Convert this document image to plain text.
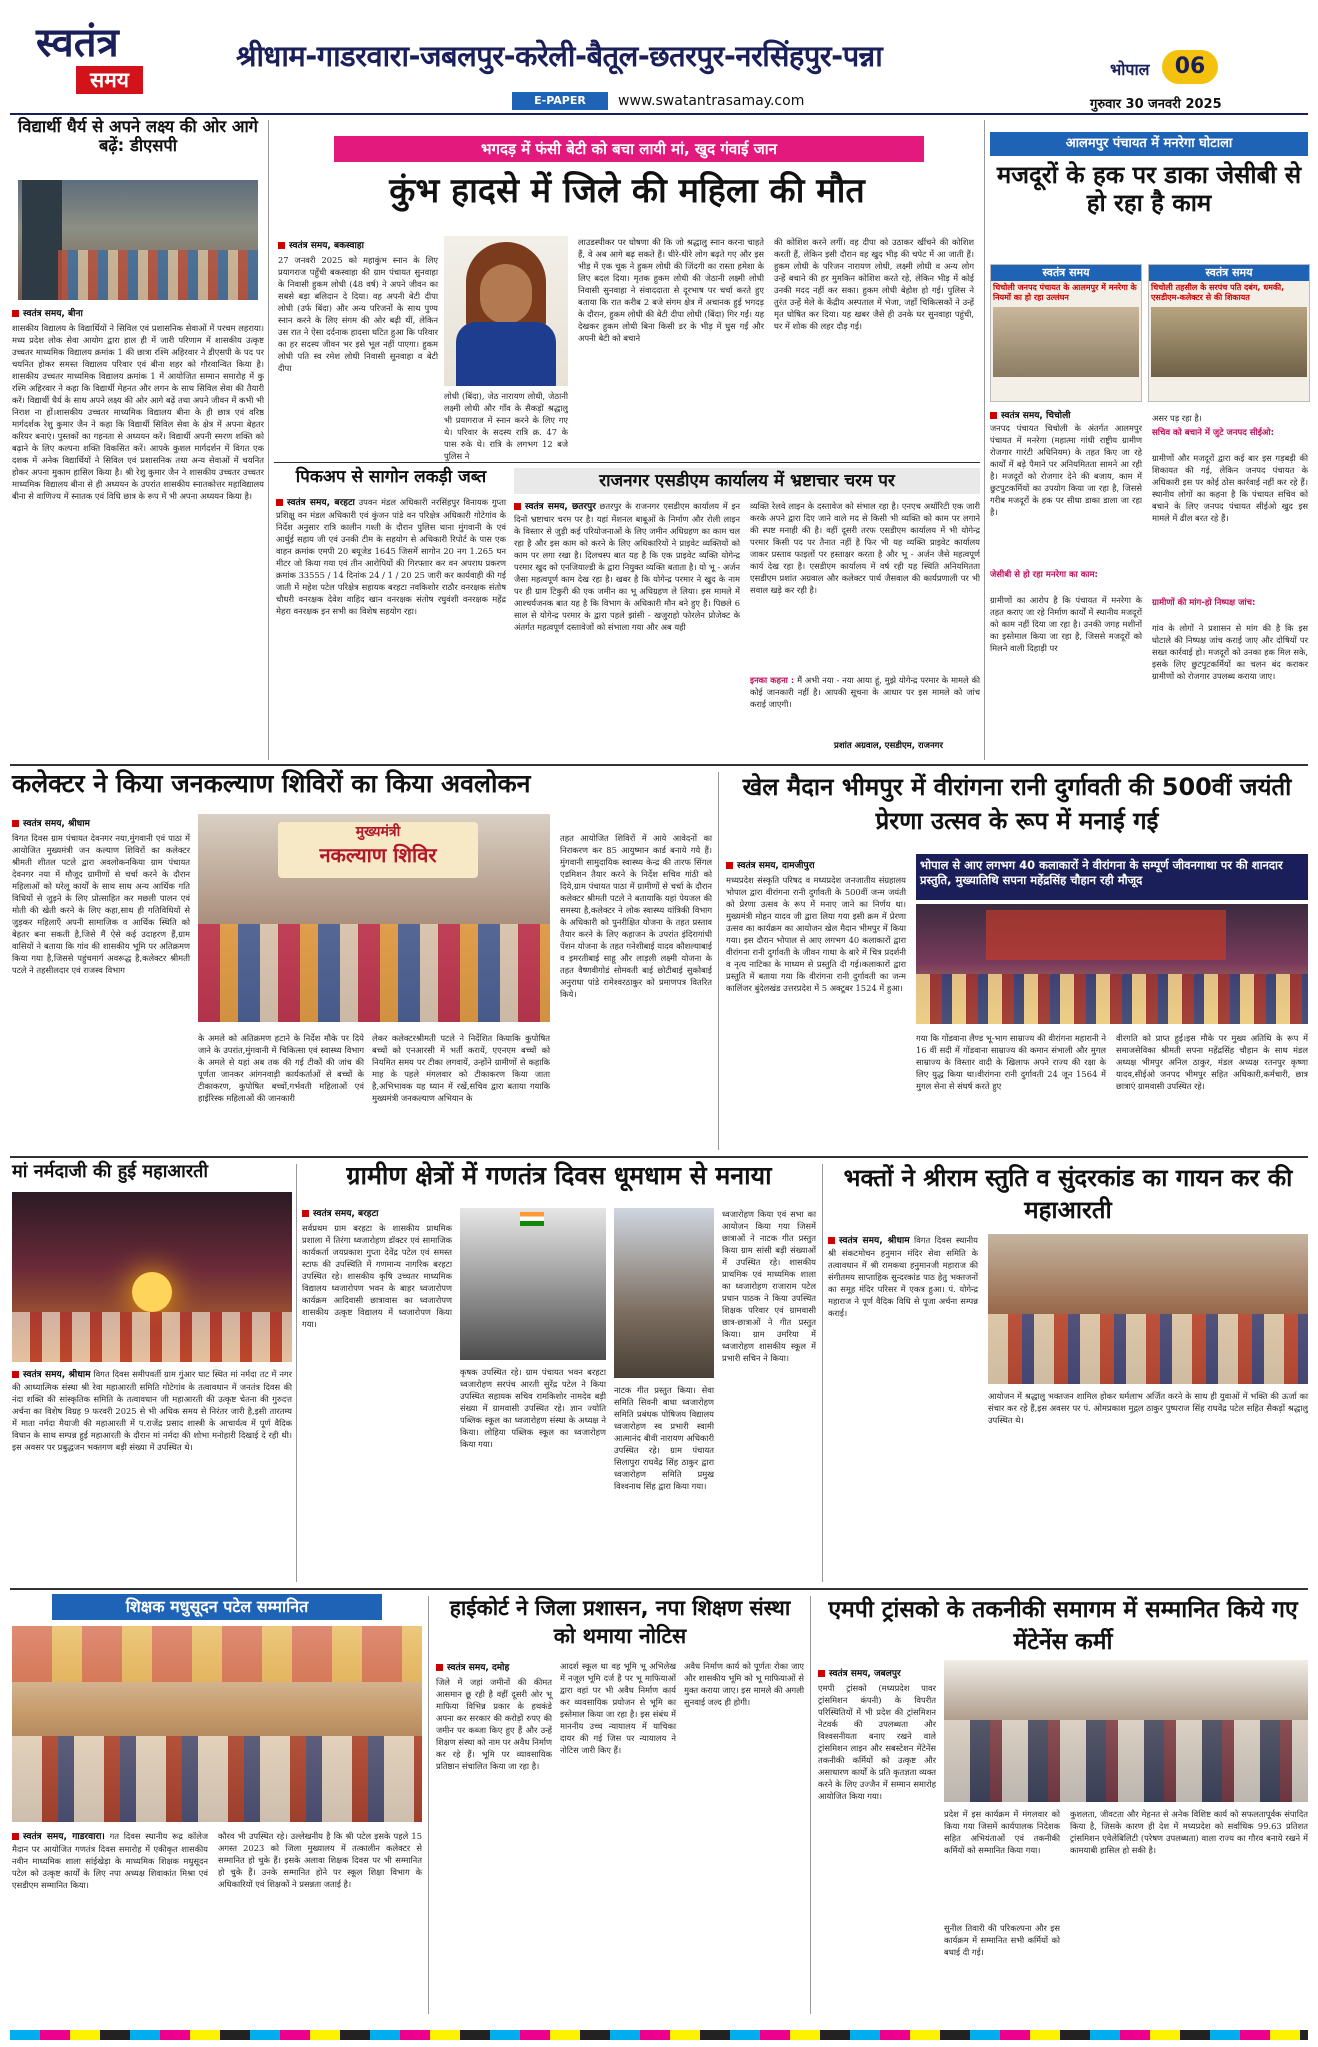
स्वतंत्र
समय
श्रीधाम-गाडरवारा-जबलपुर-करेली-बैतूल-छतरपुर-नरसिंहपुर-पन्ना	भोपाल	06
E-PAPER	www.swatantrasamay.com	गुरुवार 30 जनवरी 2025
विद्यार्थी धैर्य से अपने लक्ष्य की ओर आगे बढ़ें: डीएसपी
स्वतंत्र समय, बीना
शासकीय विद्यालय के विद्यार्थियों ने सिविल एवं प्रशासनिक सेवाओं में परचम लहराया। मध्य प्रदेश लोक सेवा आयोग द्वारा हाल ही में जारी परिणाम में शासकीय उत्कृष्ट उच्चतर माध्यमिक विद्यालय क्रमांक 1 की छात्रा रश्मि अहिरवार ने डीएसपी के पद पर चयनित होकर समस्त विद्यालय परिवार एवं बीना शहर को गौरवान्वित किया है। शासकीय उच्चतर माध्यमिक विद्यालय क्रमांक 1 में आयोजित सम्मान समारोह में कु रश्मि अहिरवार ने कहा कि विद्यार्थी मेहनत और लगन के साथ सिविल सेवा की तैयारी करें। विद्यार्थी धैर्य के साथ अपने लक्ष्य की ओर आगे बढ़ें तथा अपने जीवन में कभी भी निराश ना हों।शासकीय उच्चतर माध्यमिक विद्यालय बीना के ही छात्र एवं वरिष्ठ मार्गदर्शक रेशु कुमार जैन ने कहा कि विद्यार्थी सिविल सेवा के क्षेत्र में अपना बेहतर करियर बनाएं। पुस्तकों का गहनता से अध्ययन करें। विद्यार्थी अपनी स्मरण शक्ति को बढ़ाने के लिए कल्पना शक्ति विकसित करें। आपके कुशल मार्गदर्शन में विगत एक दशक में अनेक विद्यार्थियों ने सिविल एवं प्रशासनिक तथा अन्य सेवाओं में चयनित होकर अपना मुकाम हासिल किया है। श्री रेशु कुमार जैन ने शासकीय उच्चतर उच्चतर माध्यमिक विद्यालय बीना से ही अध्ययन के उपरांत शासकीय स्नातकोत्तर महाविद्यालय बीना से वाणिज्य में स्नातक एवं विधि छात्र के रूप में भी अपना अध्ययन किया है।
भगदड़ में फंसी बेटी को बचा लायी मां, खुद गंवाई जान
कुंभ हादसे में जिले की महिला की मौत
स्वतंत्र समय, बकस्वाहा
27 जनवरी 2025 को महाकुंभ स्नान के लिए प्रयागराज पहुँची बकस्वाहा की ग्राम पंचायत सुनवाहा के निवासी हुकम लोधी (48 वर्ष) ने अपने जीवन का सबसे बड़ा बलिदान दे दिया। वह अपनी बेटी दीपा लोधी (उर्फ बिंदा) और अन्य परिजनों के साथ पुण्य स्नान करने के लिए संगम की ओर बढ़ी थीं, लेकिन उस रात ने ऐसा दर्दनाक हादसा घटित हुआ कि परिवार का हर सदस्य जीवन भर इसे भूल नहीं पाएगा। हुकम लोधी पति स्व रमेश लोधी निवासी सुनवाहा व बेटी दीपा
लोधी (बिंदा), जेठ नारायण लोधी, जेठानी लक्ष्मी लोधी और गाँव के सैकड़ों श्रद्धालु भी प्रयागराज में स्नान करने के लिए गए थे। परिवार के सदस्य रात्रि क्र. 47 के पास रुके थे। रात्रि के लगभग 12 बजे पुलिस ने
लाउडस्पीकर पर घोषणा की कि जो श्रद्धालु स्नान करना चाहते हैं, वे अब आगे बढ़ सकते हैं। धीरे-धीरे लोग बढ़ते गए और इस भीड़ में एक चूक ने हुकम लोधी की जिंदगी का रास्ता हमेशा के लिए बदल दिया। मृतक हुकम लोधी की जेठानी लक्ष्मी लोधी निवासी सुनवाहा ने संवाददाता से दूरभाष पर चर्चा करते हुए बताया कि रात करीब 2 बजे संगम क्षेत्र में अचानक हुई भगदड़ के दौरान, हुकम लोधी की बेटी दीपा लोधी (बिंदा) गिर गईं। यह देखकर हुकम लोधी बिना किसी डर के भीड़ में घुस गईं और अपनी बेटी को बचाने
की कोशिश करने लगीं। वह दीपा को उठाकर खींचने की कोशिश करती हैं, लेकिन इसी दौरान वह खुद भीड़ की चपेट में आ जाती हैं। हुकम लोधी के परिजन नारायण लोधी, लक्ष्मी लोधी व अन्य लोग उन्हें बचाने की हर मुमकिन कोशिश करते रहे, लेकिन भीड़ में कोई उनकी मदद नहीं कर सका। हुकम लोधी बेहोश हो गई। पुलिस ने तुरंत उन्हें मेले के केंद्रीय अस्पताल में भेजा, जहाँ चिकित्सकों ने उन्हें मृत घोषित कर दिया। यह खबर जैसे ही उनके घर सुनवाहा पहुंची, घर में शोक की लहर दौड़ गई।
आलमपुर पंचायत में मनरेगा घोटाला
मजदूरों के हक पर डाका जेसीबी से हो रहा है काम
स्वतंत्र समय
चिचोली जनपद पंचायत के आलमपुर में मनरेगा के नियमों का हो रहा उल्लंघन
स्वतंत्र समय
चिचोली तहसील के सरपंच पति दबंग, धमकी, एसडीएम-कलेक्टर से की शिकायत
स्वतंत्र समय, चिचोली
जनपद पंचायत चिचोली के अंतर्गत आलमपुर पंचायत में मनरेगा (महात्मा गांधी राष्ट्रीय ग्रामीण रोजगार गारंटी अधिनियम) के तहत किए जा रहे कार्यों में बड़े पैमाने पर अनियमितता सामने आ रही है। मजदूरों को रोजगार देने की बजाय, काम में छुटपुटकर्मियों का उपयोग किया जा रहा है, जिससे गरीब मजदूरों के हक पर सीधा डाका डाला जा रहा है।
जेसीबी से हो रहा मनरेगा का काम:
ग्रामीणों का आरोप है कि पंचायत में मनरेगा के तहत कराए जा रहे निर्माण कार्यों में स्थानीय मजदूरों को काम नहीं दिया जा रहा है। उनकी जगह मशीनों का इस्तेमाल किया जा रहा है, जिससे मजदूरों को मिलने वाली दिहाड़ी पर
असर पड़ रहा है।
सचिव को बचाने में जुटे जनपद सीईओ:
ग्रामीणों और मजदूरों द्वारा कई बार इस गड़बड़ी की शिकायत की गई, लेकिन जनपद पंचायत के अधिकारी इस पर कोई ठोस कार्रवाई नहीं कर रहे हैं। स्थानीय लोगों का कहना है कि पंचायत सचिव को बचाने के लिए जनपद पंचायत सीईओ खुद इस मामले में ढील बरत रहे हैं।
ग्रामीणों की मांग-हो निष्पक्ष जांच:
गांव के लोगों ने प्रशासन से मांग की है कि इस घोटाले की निष्पक्ष जांच कराई जाए और दोषियों पर सख्त कार्रवाई हो। मजदूरों को उनका हक मिल सके, इसके लिए छुटपुटकर्मियों का चलन बंद कराकर ग्रामीणों को रोजगार उपलब्ध कराया जाए।
पिकअप से सागोन लकड़ी जब्त
स्वतंत्र समय, बरहटा उपवन मंडल अधिकारी नरसिंहपुर विनायक गुप्ता प्रशिक्षु वन मंडल अधिकारी एवं कुंजन पांडे वन परिक्षेत्र अधिकारी गोटेगांव के निर्देश अनुसार रात्रि कालीन गश्ती के दौरान पुलिस थाना मुंगवानी के एवं आर्थुई सहाय जी एवं उनकी टीम के सहयोग से अधिकारी रिपोर्ट के पास एक वाहन क्रमांक एमपी 20 बयूजेड 1645 जिसमें सागोन 20 नग 1.265 घन मीटर जो किया गया एवं तीन आरोपियों की गिरफ्तार कर वन अपराध प्रकरण क्रमांक 33555 / 14 दिनांक 24 / 1 / 20 25 जारी कर कार्यवाही की गई जाती में महेश पटेल परिक्षेत्र सहायक बरहटा नवकिशोर राठौर वनरक्षक संतोष चौधरी वनरक्षक देवेश वाहिद खान वनरक्षक संतोष रघुवंशी वनरक्षक महेंद्र मेहरा वनरक्षक इन सभी का विशेष सहयोग रहा।
राजनगर एसडीएम कार्यालय में भ्रष्टाचार चरम पर
स्वतंत्र समय, छतरपुर छतरपुर के राजनगर एसडीएम कार्यालय में इन दिनों भ्रष्टाचार चरम पर है। यहां मेंशनल बाबूओं के निर्माण और रोली लाइन के विस्तार से जुड़ी कई परियोजनाओं के लिए जमीन अधिग्रहण का काम चल रहा है और इस काम को करने के लिए अधिकारियों ने प्राइवेट व्यक्तियों को काम पर लगा रखा है। दिलचस्प बात यह है कि एक प्राइवेट व्यक्ति योगेन्द्र परमार खुद को एनजियाल्डी के द्वारा नियुक्त व्यक्ति बताता है। यो भू - अर्जन जैसा महत्वपूर्ण काम देख रहा है। खबर है कि योगेन्द्र परमार ने खुद के नाम पर ही ग्राम टिकुरी की एक जमीन का भू अधिग्रहण ले लिया। इस मामले में आश्चर्यजनक बात यह है कि विभाग के अधिकारी मौन बने हुए हैं। पिछले 6 साल से योगेन्द्र परमार के द्वारा पहले झांसी - खजुराहो फोरलेन प्रोजेक्ट के अंतर्गत महत्वपूर्ण दस्तावेजों को संभाला गया और अब यही
व्यक्ति रेलवे लाइन के दस्तावेज को संभाल रहा है। एनएच अथॉरिटी एक जारी करके अपने द्वारा दिए जाने वाले मद से किसी भी व्यक्ति को काम पर लगाने की स्पष्ट मनाही की है। वहीं दूसरी तरफ एसडीएम कार्यालय में भी योगेन्द्र परमार किसी पद पर तैनात नहीं है फिर भी यह व्यक्ति प्राइवेट कार्यालय जाकर प्रस्ताव फाइलों पर हस्ताक्षर करता है और भू - अर्जन जैसे महत्वपूर्ण कार्य देख रहा है। एसडीएम कार्यालय में वर्ष रही यह स्थिति अनियमितता एसडीएम प्रशांत अग्रवाल और कलेक्टर पार्थ जैसवाल की कार्यप्रणाली पर भी सवाल खड़े कर रही है।
इनका कहना : मैं अभी नया - नया आया हूं, मुझे योगेन्द्र परमार के मामले की कोई जानकारी नहीं है। आपकी सूचना के आधार पर इस मामले को जांच कराई जाएगी।
प्रशांत अग्रवाल, एसडीएम, राजनगर
कलेक्टर ने किया जनकल्याण शिविरों का किया अवलोकन
स्वतंत्र समय, श्रीधाम
विगत दिवस ग्राम पंचायत देवनगर नया,मुंगवानी एवं पाठा में आयोजित मुख्यमंत्री जन कल्याण शिविरों का कलेक्टर श्रीमती शीतल पटले द्वारा अवलोकनकिया ग्राम पंचायत देवनगर नया में मौजूद ग्रामीणों से चर्चा करने के दौरान महिलाओं को घरेलू कार्यों के साथ साथ अन्य आर्थिक गति विधियों से जुड़ने के लिए प्रोत्साहित कर मछली पालन एवं मोती की खेती करने के लिए कहा,साथ ही गतिविधियों से जुड़कर महिलाएँ अपनी सामाजिक व आर्थिक स्थिति को बेहतर बना सकती है,जिसे मैं ऐसे कई उदाहरण हैं,ग्राम वासियों ने बताया कि गांव की शासकीय भूमि पर अतिक्रमण किया गया है,जिससे पहुंचमार्ग अवरूद्ध है,कलेक्टर श्रीमती पटले ने तहसीलदार एवं राजस्व विभाग
मुख्यमंत्री
नकल्याण शिविर
के अमले को अतिक्रमण हटाने के निर्देश मौके पर दिये जाने के उपरांत,मुंगवानी में चिकित्सा एवं स्वास्थ्य विभाग के अमले से यहां अब तक की गई टीकों की जांच की पूर्णता जानकर आंगनवाड़ी कार्यकर्ताओं से बच्चों के टीकाकरण, कुपोषित बच्चों,गर्भवती महिलाओं एवं हाईरिस्क महिलाओं की जानकारी
लेकर कलेक्टरश्रीमती पटले ने निर्देशित कियाकि कुपोषित बच्चों को एनआरसी में भर्ती करायें, एएनएम बच्चों को नियमित समय पर टीका लगवायें, उन्होंने ग्रामीणों से कहाकि माह के पहले मंगलवार को टीकाकरण किया जाता है,अभिभावक यह ध्यान में रखें,सचिव द्वारा बताया गयाकि मुख्यमंत्री जनकल्याण अभियान के
तहत आयोजित शिविरों में आये आवेदनों का निराकरण कर 85 आयुष्मान कार्ड बनाये गये हैं। मुंगवानी सामुदायिक स्वास्थ्य केन्द्र की तारफ सिंगल एडमिशन तैयार करने के निर्देश सचिव गांठी को दिये,ग्राम पंचायत पाठा में ग्रामीणों से चर्चा के दौरान कलेक्टर श्रीमती पटले ने बतायाकि यहां पेयजल की समस्या है,कलेक्टर ने लोक स्वास्थ्य यांत्रिकी विभाग के अधिकारी को पुनरीक्षित योजना के तहत प्रस्ताव तैयार करने के लिए कहाजन के उपरांत इंदिरागांधी पेंशन योजना के तहत गनेशीबाई यादव कौशल्याबाई व इमरतीबाई साहू और लाड़ली लक्ष्मी योजना के तहत वैष्णवीगोडं सोमवती बाई छोटीबाई सुकोबाई अनुराधा पांडे रामेश्वरठाकुर को प्रमाणपत्र वितरित किये।
खेल मैदान भीमपुर में वीरांगना रानी दुर्गावती की 500वीं जयंती प्रेरणा उत्सव के रूप में मनाई गई
स्वतंत्र समय, दामजीपुरा
मध्यप्रदेश संस्कृति परिषद व मध्यप्रदेश जनजातीय संग्रहालय भोपाल द्वारा वीरांगना रानी दुर्गावती के 500वीं जन्म जयंती को प्रेरणा उत्सव के रूप में मनाए जाने का निर्णय था। मुख्यमंत्री मोहन यादव जी द्वारा लिया गया इसी क्रम में प्रेरणा उत्सव का कार्यक्रम का आयोजन खेल मैदान भीमपुर में किया गया। इस दौरान भोपाल से आए लगभग 40 कलाकारों द्वारा वीरांगना रानी दुर्गावती के जीवन गाथा के बारे में चित्र प्रदर्शनी व नृत्य नाटिका के माध्यम से प्रस्तुति दी गई।कलाकारों द्वारा प्रस्तुति में बताया गया कि वीरांगना रानी दुर्गावती का जन्म कालिंजर बुंदेलखंड उत्तरप्रदेश में 5 अक्टूबर 1524 में हुआ।
भोपाल से आए लगभग 40 कलाकारों ने वीरांगना के सम्पूर्ण जीवनगाथा पर की शानदार प्रस्तुति, मुख्यातिथि सपना महेंद्रसिंह चौहान रही मौजूद
गया कि गोंडवाना लैण्ड भू-भाग साम्राज्य की वीरांगना महारानी ने 16 वीं सदी में गोंडवाना साम्राज्य की कमान संभाली और मुगल साम्राज्य के विस्तार वादी के खिलाफ अपने राज्य की रक्षा के लिए युद्ध किया था।वीरांगना रानी दुर्गावती 24 जून 1564 में मुगल सेना से संघर्ष करते हुए
वीरगति को प्राप्त हुई।इस मौके पर मुख्य अतिथि के रूप में समाजसेविका श्रीमती सपना महेंद्रसिंह चौहान के साथ मंडल अध्यक्ष भीमपुर अनिल ठाकुर, मंडल अध्यक्ष रतनपुर कृष्णा यादव,सीईओ जनपद भीमपुर सहित अधिकारी,कर्मचारी, छात्र छात्राएं ग्रामवासी उपस्थित रहे।
मां नर्मदाजी की हुई महाआरती
स्वतंत्र समय, श्रीधाम विगत दिवस समीपवर्ती ग्राम गुंआर घाट स्थित मां नर्मदा तट में नगर की आध्यात्मिक संस्था श्री रेवा महाआरती समिति गोटेगांव के तत्वावधान में जनतंत्र दिवस की नंदा शक्ति की सांस्कृतिक समिति के तत्वावधान जी महाआरती की उत्कृष्ट चेतना की गुरुदत्त अर्चना का विशेष विग्रह 9 फरवरी 2025 से भी अधिक समय से निरंतर जारी है,इसी तारतम्य में माता नर्मदा मैयाजी की महाआरती में प.राजेंद्र प्रसाद शास्त्री के आचार्यत्व में पूर्ण वैदिक विधान के साथ सम्पन्न हुई महाआरती के दौरान मां नर्मदा की शोभा मनोहारी दिखाई दे रही थी। इस अवसर पर प्रबुद्धजन भक्तगण बड़ी संख्या में उपस्थित थे।
ग्रामीण क्षेत्रों में गणतंत्र दिवस धूमधाम से मनाया
स्वतंत्र समय, बरहटा
सर्वप्रथम ग्राम बरहटा के शासकीय प्राथमिक प्रशाला में तिरंगा ध्वजारोहण डॉक्टर एवं सामाजिक कार्यकर्ता जयप्रकाश गुप्ता देवेंद्र पटेल एवं समस्त स्टाफ की उपस्थिति में गणमान्य नागरिक बरहटा उपस्थित रहे। शासकीय कृषि उच्चतर माध्यमिक विद्यालय ध्वजारोपण भवन के बाहर ध्वजारोपण कार्यक्रम आदिवासी छात्रावास का ध्वजारोपण शासकीय उत्कृष्ट विद्यालय में ध्वजारोपण किया गया।
कृषक उपस्थित रहे। ग्राम पंचायत भवन बरहटा ध्वजारोहण सरपंच आरती सुरेंद्र पटेल ने किया उपस्थित सहायक सचिव रामकिशोर नामदेव बड़ी संख्या में ग्रामवासी उपस्थित रहे। ज्ञान ज्योति पब्लिक स्कूल का ध्वजारोहण संस्था के अध्यक्ष ने किया। लोहिया पब्लिक स्कूल का ध्वजारोहण किया गया।
नाटक गीत प्रस्तुत किया। सेवा समिति सिवनी बाधा ध्वजारोहण समिति प्रबंधक पोषिजय विद्यालय ध्वजारोहण स्व प्रभारी स्वामी आत्मानंद बीवी नारायण अधिकारी उपस्थित रहे। ग्राम पंचायत सिलापुरा राघवेंद्र सिंह ठाकुर द्वारा ध्वजारोहण समिति प्रमुख विश्वनाथ सिंह द्वारा किया गया।
ध्वजारोहण किया एवं सभा का आयोजन किया गया जिसमें छात्राओं ने नाटक गीत प्रस्तुत किया ग्राम सांसी बड़ी संख्याओं में उपस्थित रहे। शासकीय प्राथमिक एवं माध्यमिक शाला का ध्वजारोहण राजाराम पटेल प्रधान पाठक ने किया उपस्थित शिक्षक परिवार एवं ग्रामवासी छात्र-छात्राओं ने गीत प्रस्तुत किया। ग्राम उमरिया में ध्वजारोहण शासकीय स्कूल में प्रभारी सचिन ने किया।
भक्तों ने श्रीराम स्तुति व सुंदरकांड का गायन कर की महाआरती
स्वतंत्र समय, श्रीधाम विगत दिवस स्थानीय श्री संकटमोचन हनुमान मंदिर सेवा समिति के तत्वावधान में श्री रामकथा हनुमानजी महाराज की संगीतमय साप्ताहिक सुन्दरकांड पाठ हेतु भक्तजनों का समूह मंदिर परिसर में एकत्र हुआ। पं. योगेन्द्र महाराज ने पूर्ण वैदिक विधि से पूजा अर्चना सम्पन्न कराई।
आयोजन में श्रद्धालु भक्तजन शामिल होकर धर्मलाभ अर्जित करने के साथ ही युवाओं में भक्ति की ऊर्जा का संचार कर रहे हैं,इस अवसर पर पं. ओमप्रकाश मुद्गल ठाकुर पुष्पराज सिंह राघवेंद्र पटेल सहित सैकड़ों श्रद्धालु उपस्थित थे।
शिक्षक मधुसूदन पटेल सम्मानित
स्वतंत्र समय, गाडरवारा। गत दिवस स्थानीय रूद्र कॉलेज मैदान पर आयोजित गणतंत्र दिवस समारोह में एकीकृत शासकीय नवीन माध्यमिक शाला सांईखेड़ा के माध्यमिक शिक्षक मधुसूदन पटेल को उत्कृष्ट कार्यों के लिए नपा अध्यक्ष शिवाकांत मिश्रा एवं एसडीएम सम्मानित किया।
कौरव भी उपस्थित रहे। उल्लेखनीय है कि श्री पटेल इसके पहले 15 अगस्त 2023 को जिला मुख्यालय में तत्कालीन कलेक्टर से सम्मानित हो चुके हैं। इसके अलावा शिक्षक दिवस पर भी सम्मानित हो चुके हैं। उनके सम्मानित होने पर स्कूल शिक्षा विभाग के अधिकारियों एवं शिक्षकों ने प्रसन्नता जताई है।
हाईकोर्ट ने जिला प्रशासन, नपा शिक्षण संस्था को थमाया नोटिस
स्वतंत्र समय, दमोह
जिले में जहां जमीनों की कीमत आसमान छू रही है वहीं दूसरी ओर भू माफिया विभिन्न प्रकार के हथकंडे अपना कर सरकार की करोड़ों रुपए की जमीन पर कब्जा किए हुए हैं और उन्हें शिक्षण संस्था को नाम पर अवैध निर्माण कर रहे हैं। भूमि पर व्यावसायिक प्रतिष्ठान संचालित किया जा रहा है।
आदर्श स्कूल था वह भूमि भू अभिलेख में नजूल भूमि दर्ज है पर भू माफियाओं द्वारा वहां पर भी अवैध निर्माण कार्य कर व्यवसायिक प्रयोजन से भूमि का इस्तेमाल किया जा रहा है। इस संबंध में माननीय उच्च न्यायालय में याचिका दायर की गई जिस पर न्यायालय ने नोटिस जारी किए हैं।
अवैध निर्माण कार्य को पूर्णतः रोका जाए और शासकीय भूमि को भू माफियाओं से मुक्त कराया जाए। इस मामले की अगली सुनवाई जल्द ही होगी।
एमपी ट्रांसको के तकनीकी समागम में सम्मानित किये गए मेंटेनेंस कर्मी
स्वतंत्र समय, जबलपुर
एमपी ट्रांसको (मध्यप्रदेश पावर ट्रांसमिशन कंपनी) के विपरीत परिस्थितियों में भी प्रदेश की ट्रांसमिशन नेटवर्क की उपलब्धता और विश्वसनीयता बनाए रखने वाले ट्रांसमिशन लाइन और सबस्टेशन मेंटेनेंस तकनीकी कर्मियों को उत्कृष्ट और असाधारण कार्यों के प्रति कृतज्ञता व्यक्त करने के लिए उज्जैन में सम्मान समारोह आयोजित किया गया।
प्रदेश में इस कार्यक्रम में मंगलवार को किया गया जिसमें कार्यपालक निदेशक सहित अभियंताओं एवं तकनीकी कर्मियों को सम्मानित किया गया।
सुनील तिवारी की परिकल्पना और इस कार्यक्रम में सम्मानित सभी कर्मियों को बधाई दी गई।
कुशलता, जीवटता और मेहनत से अनेक विशिष्ट कार्य को सफलतापूर्वक संपादित किया है, जिसके कारण ही देश में मध्यप्रदेश को सर्वाधिक 99.63 प्रतिशत ट्रांसमिशन एवेलेबिलिटी (परेषण उपलब्धता) वाला राज्य का गौरव बनाये रखने में कामयाबी हासिल हो सकी है।
